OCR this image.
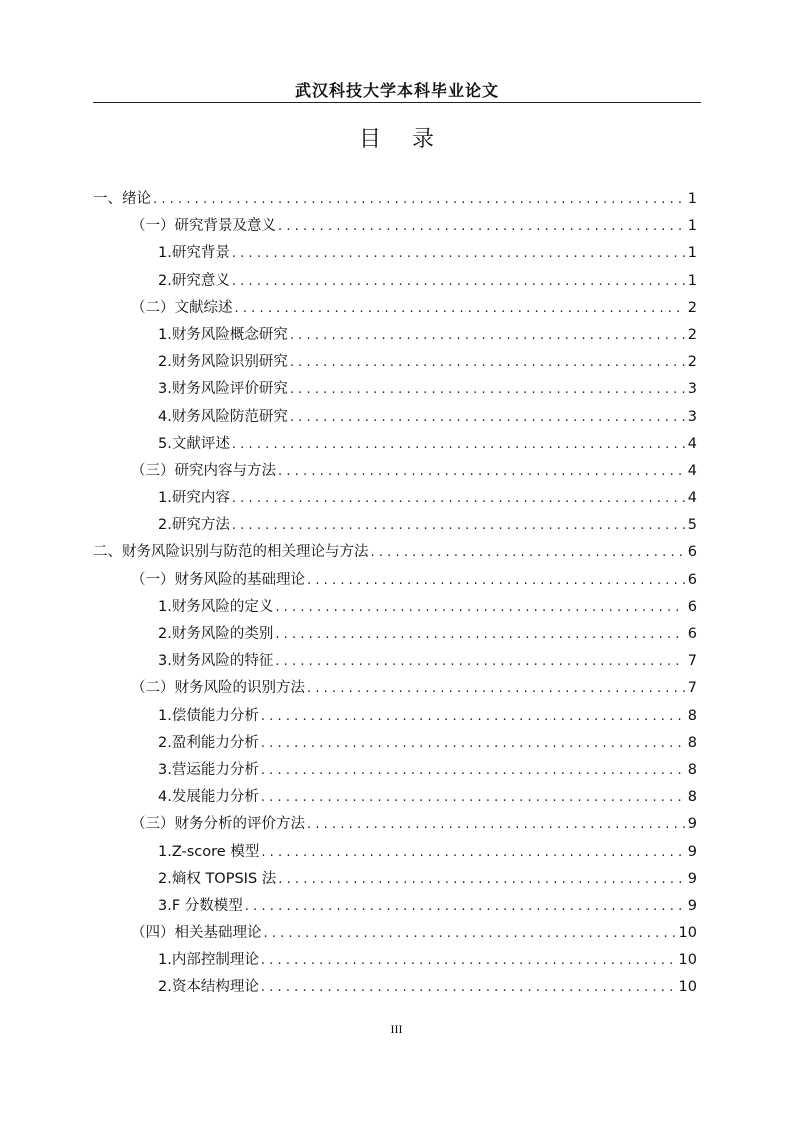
武汉科技大学本科毕业论文
目 录
一、绪论 .....	1
（一）研究背景及意义 .....	1
1.研究背景 .....	1
2.研究意义 .....	1
（二）文献综述 .....	2
1.财务风险概念研究 .....	2
2.财务风险识别研究 .....	2
3.财务风险评价研究 .....	3
4.财务风险防范研究 .....	3
5.文献评述 .....	4
（三）研究内容与方法 .....	4
1.研究内容 .....	4
2.研究方法 .....	5
二、财务风险识别与防范的相关理论与方法 .....	6
（一）财务风险的基础理论 .....	6
1.财务风险的定义 .....	6
2.财务风险的类别 .....	6
3.财务风险的特征 .....	7
（二）财务风险的识别方法 .....	7
1.偿债能力分析 .....	8
2.盈利能力分析 .....	8
3.营运能力分析 .....	8
4.发展能力分析 .....	8
（三）财务分析的评价方法 .....	9
1.Z-score 模型 .....	9
2.熵权 TOPSIS 法 .....	9
3.F 分数模型 .....	9
（四）相关基础理论 .....	10
1.内部控制理论 .....	10
2.资本结构理论 .....	10
III
